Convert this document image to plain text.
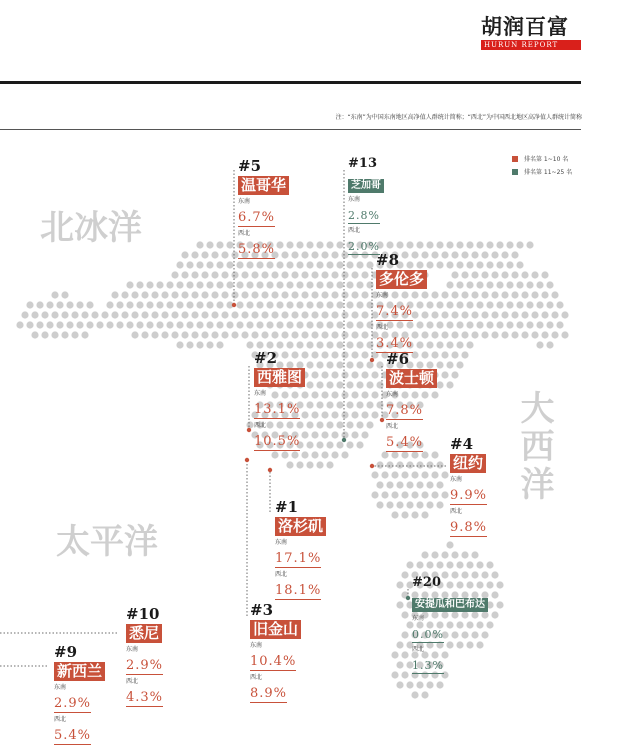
胡润百富
HURUN REPORT
注：“东南”为中国东南地区高净值人群统计简称；“西北”为中国西北地区高净值人群统计简称
排名第 1~10 名
排名第 11~25 名
北冰洋
太平洋
大西洋
#5
温哥华
东南
6.7%
西北
5.8%
#13
芝加哥
东南
2.8%
西北
2.0%
#8
多伦多
东南
7.4%
西北
3.4%
#2
西雅图
东南
13.1%
西北
10.5%
#6
波士顿
东南
7.8%
西北
5.4%	#4
纽约
东南
9.9%
西北
9.8%
#1
洛杉矶
东南
17.1%
西北
18.1%
#20
安提瓜和巴布达
东南
0.0%
西北
1.3%
#10
悉尼
东南
2.9%
西北
4.3%
#3
旧金山
东南
10.4%
西北
8.9%
#9
新西兰
东南
2.9%
西北
5.4%
